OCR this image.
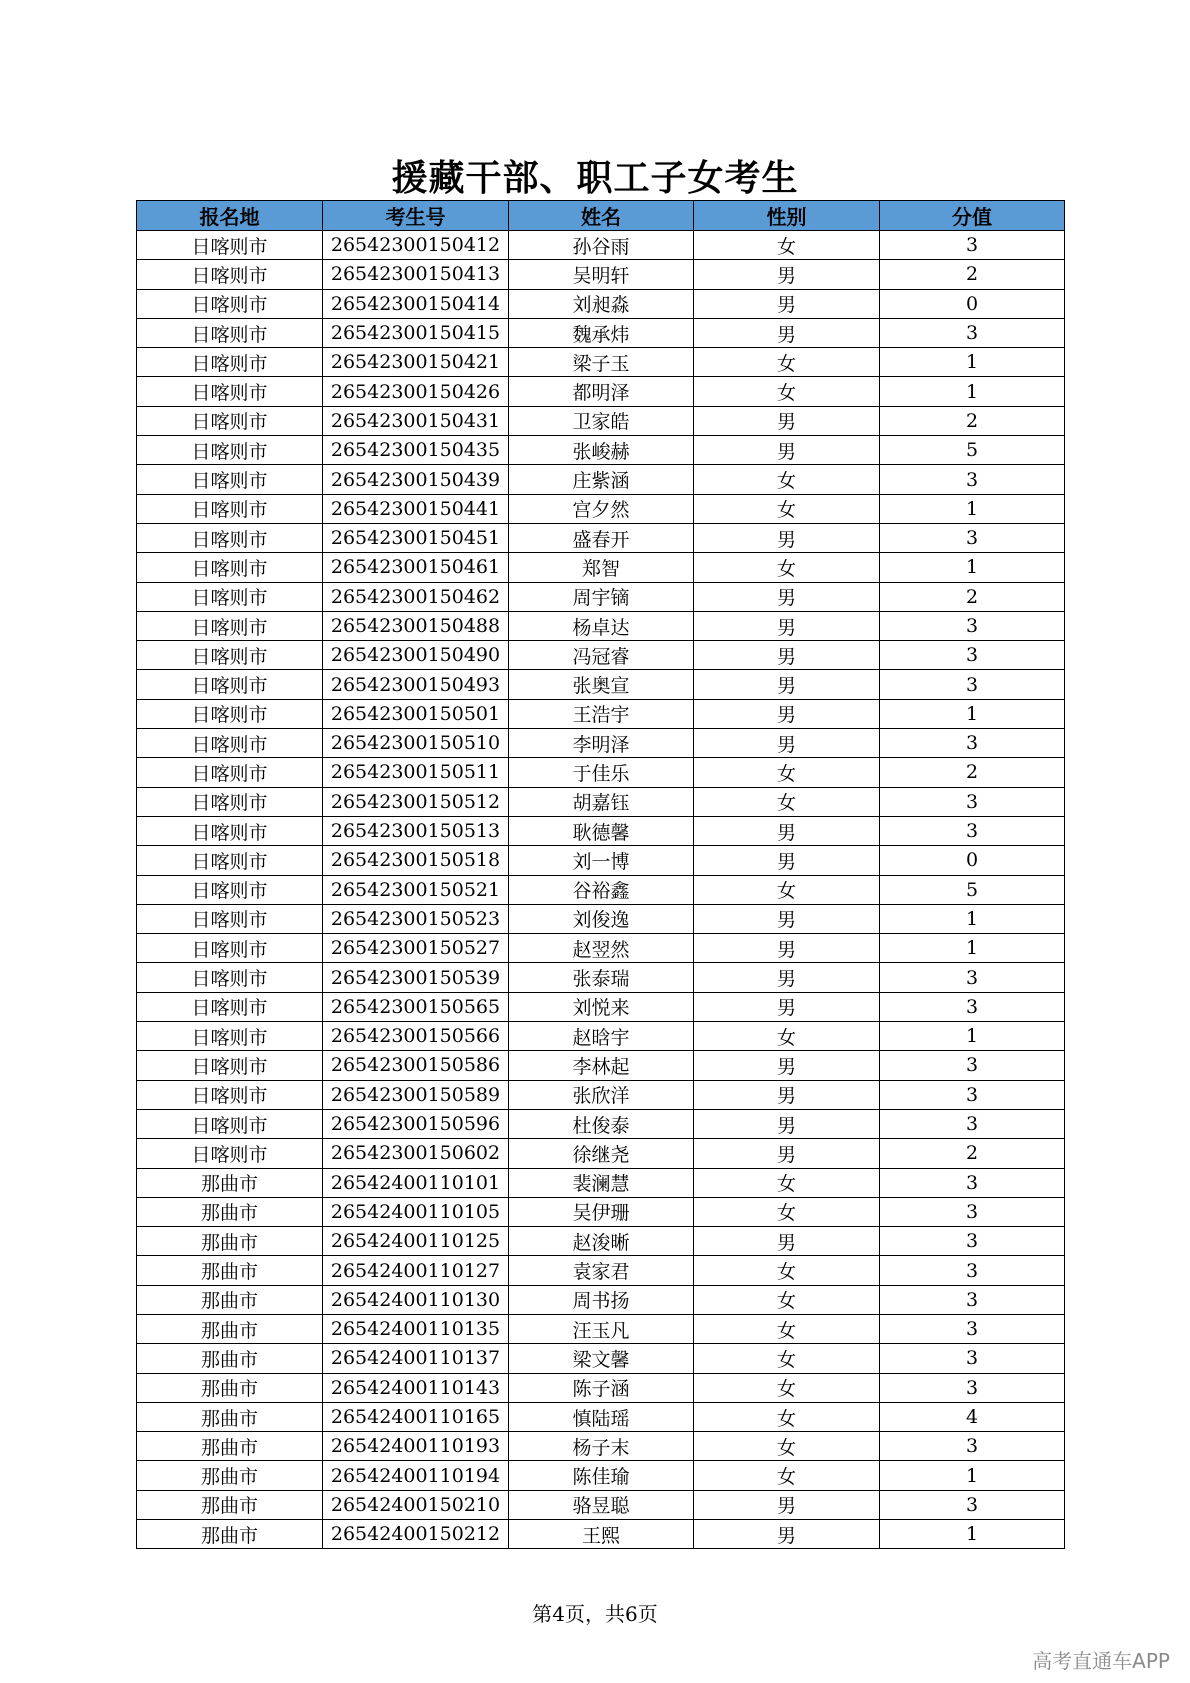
援藏干部、职工子女考生
报名地	考生号	姓名	性别	分值
日喀则市	26542300150412	孙谷雨	女	3
日喀则市	26542300150413	吴明轩	男	2
日喀则市	26542300150414	刘昶淼	男	0
日喀则市	26542300150415	魏承炜	男	3
日喀则市	26542300150421	梁子玉	女	1
日喀则市	26542300150426	都明泽	女	1
日喀则市	26542300150431	卫家皓	男	2
日喀则市	26542300150435	张峻赫	男	5
日喀则市	26542300150439	庄紫涵	女	3
日喀则市	26542300150441	宫夕然	女	1
日喀则市	26542300150451	盛春开	男	3
日喀则市	26542300150461	郑智	女	1
日喀则市	26542300150462	周宇镝	男	2
日喀则市	26542300150488	杨卓达	男	3
日喀则市	26542300150490	冯冠睿	男	3
日喀则市	26542300150493	张奥宣	男	3
日喀则市	26542300150501	王浩宇	男	1
日喀则市	26542300150510	李明泽	男	3
日喀则市	26542300150511	于佳乐	女	2
日喀则市	26542300150512	胡嘉钰	女	3
日喀则市	26542300150513	耿德馨	男	3
日喀则市	26542300150518	刘一博	男	0
日喀则市	26542300150521	谷裕鑫	女	5
日喀则市	26542300150523	刘俊逸	男	1
日喀则市	26542300150527	赵翌然	男	1
日喀则市	26542300150539	张泰瑞	男	3
日喀则市	26542300150565	刘悦来	男	3
日喀则市	26542300150566	赵晗宇	女	1
日喀则市	26542300150586	李林起	男	3
日喀则市	26542300150589	张欣洋	男	3
日喀则市	26542300150596	杜俊泰	男	3
日喀则市	26542300150602	徐继尧	男	2
那曲市	26542400110101	裴澜慧	女	3
那曲市	26542400110105	吴伊珊	女	3
那曲市	26542400110125	赵浚晰	男	3
那曲市	26542400110127	袁家君	女	3
那曲市	26542400110130	周书扬	女	3
那曲市	26542400110135	汪玉凡	女	3
那曲市	26542400110137	梁文馨	女	3
那曲市	26542400110143	陈子涵	女	3
那曲市	26542400110165	慎陆瑶	女	4
那曲市	26542400110193	杨子末	女	3
那曲市	26542400110194	陈佳瑜	女	1
那曲市	26542400150210	骆昱聪	男	3
那曲市	26542400150212	王熙	男	1
第4页，共6页
高考直通车APP
